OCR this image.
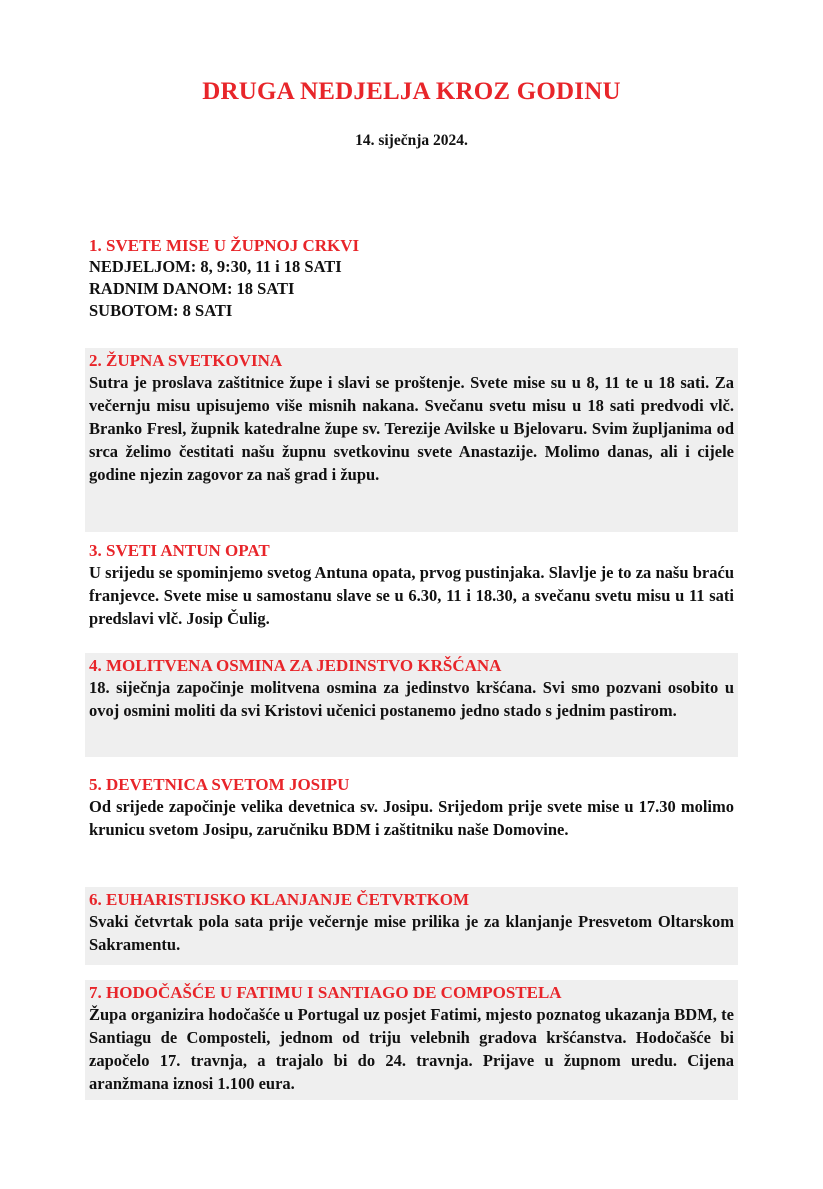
DRUGA NEDJELJA KROZ GODINU
14. siječnja 2024.
1. SVETE MISE U ŽUPNOJ CRKVI
NEDJELJOM: 8, 9:30, 11 i 18 SATI
RADNIM DANOM: 18 SATI
SUBOTOM: 8 SATI
2. ŽUPNA SVETKOVINA

Sutra je proslava zaštitnice župe i slavi se proštenje. Svete mise su u 8, 11 te u 18 sati. Za večernju misu upisujemo više misnih nakana. Svečanu svetu misu u 18 sati predvodi vlč. Branko Fresl, župnik katedralne župe sv. Terezije Avilske u Bjelovaru. Svim župljanima od srca želimo čestitati našu župnu svetkovinu svete Anastazije. Molimo danas, ali i cijele godine njezin zagovor za naš grad i župu.

3. SVETI ANTUN OPAT

U srijedu se spominjemo svetog Antuna opata, prvog pustinjaka. Slavlje je to za našu braću franjevce. Svete mise u samostanu slave se u 6.30, 11 i 18.30, a svečanu svetu misu u 11 sati predslavi vlč. Josip Čulig.

4. MOLITVENA OSMINA ZA JEDINSTVO KRŠĆANA

18. siječnja započinje molitvena osmina za jedinstvo kršćana. Svi smo pozvani osobito u ovoj osmini moliti da svi Kristovi učenici postanemo jedno stado s jednim pastirom.

5. DEVETNICA SVETOM JOSIPU

Od srijede započinje velika devetnica sv. Josipu. Srijedom prije svete mise u 17.30 molimo krunicu svetom Josipu, zaručniku BDM i zaštitniku naše Domovine.

6. EUHARISTIJSKO KLANJANJE ČETVRTKOM

Svaki četvrtak pola sata prije večernje mise prilika je za klanjanje Presvetom Oltarskom Sakramentu.

7. HODOČAŠĆE U FATIMU I SANTIAGO DE COMPOSTELA

Župa organizira hodočašće u Portugal uz posjet Fatimi, mjesto poznatog ukazanja BDM, te Santiagu de Composteli, jednom od triju velebnih gradova kršćanstva. Hodočašće bi započelo 17. travnja, a trajalo bi do 24. travnja. Prijave u župnom uredu. Cijena aranžmana iznosi 1.100 eura.
